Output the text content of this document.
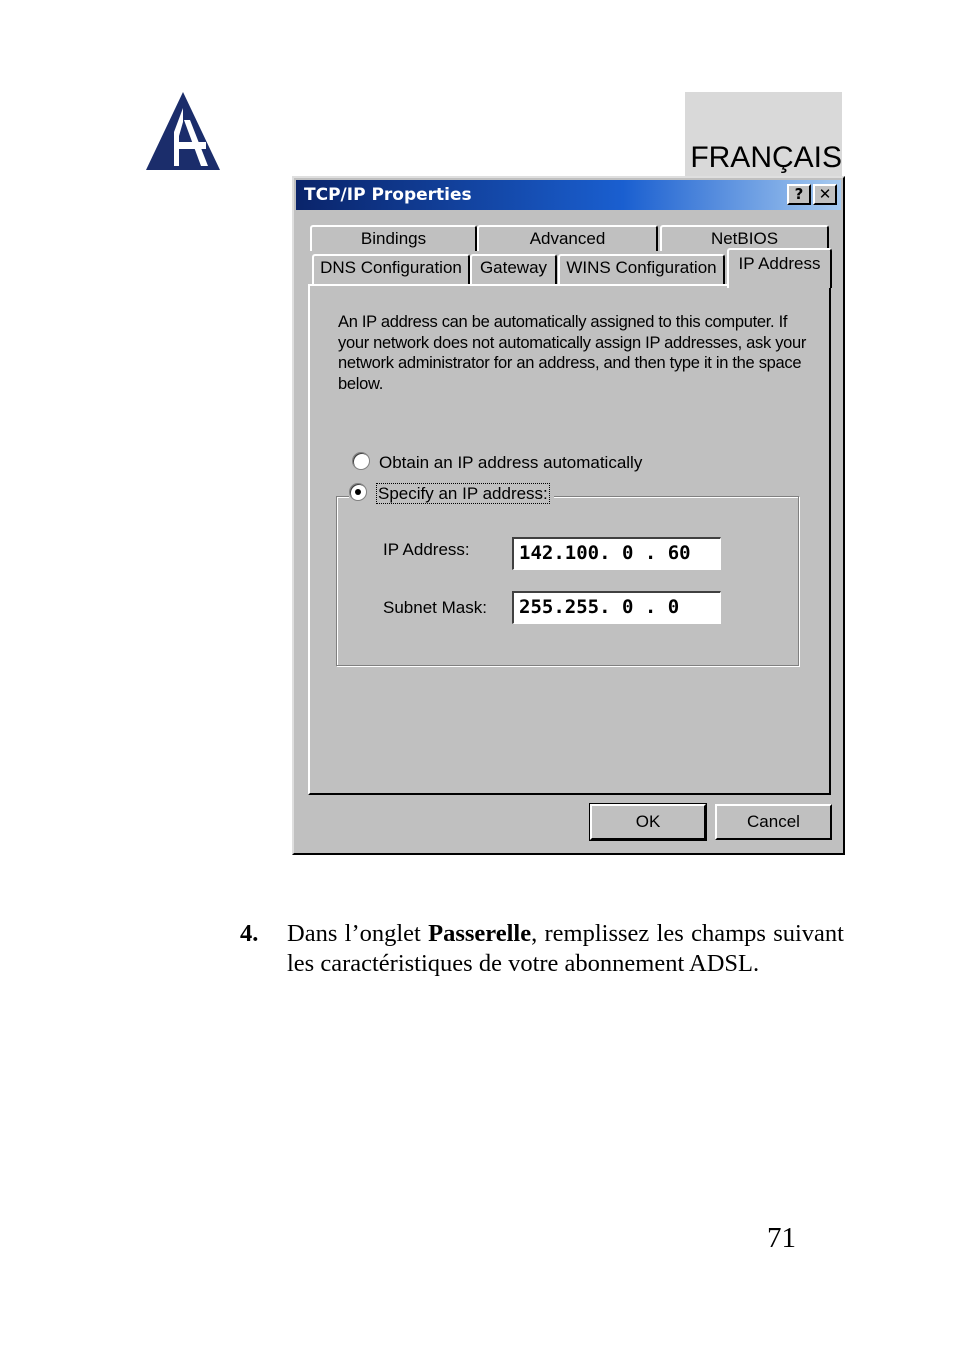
FRANÇAIS
TCP/IP Properties	?	✕
Bindings	Advanced	NetBIOS
DNS Configuration	Gateway	WINS Configuration	IP Address
An IP address can be automatically assigned to this computer. If your network does not automatically assign IP addresses, ask your network administrator for an address, and then type it in the space below.
Obtain an IP address automatically
IP Address:	142.100. 0 . 60
Subnet Mask:	255.255. 0 . 0
Specify an IP address:
OK	Cancel
4. Dans l’onglet Passerelle, remplissez les champs suivant les caractéristiques de votre abonnement ADSL.
71
